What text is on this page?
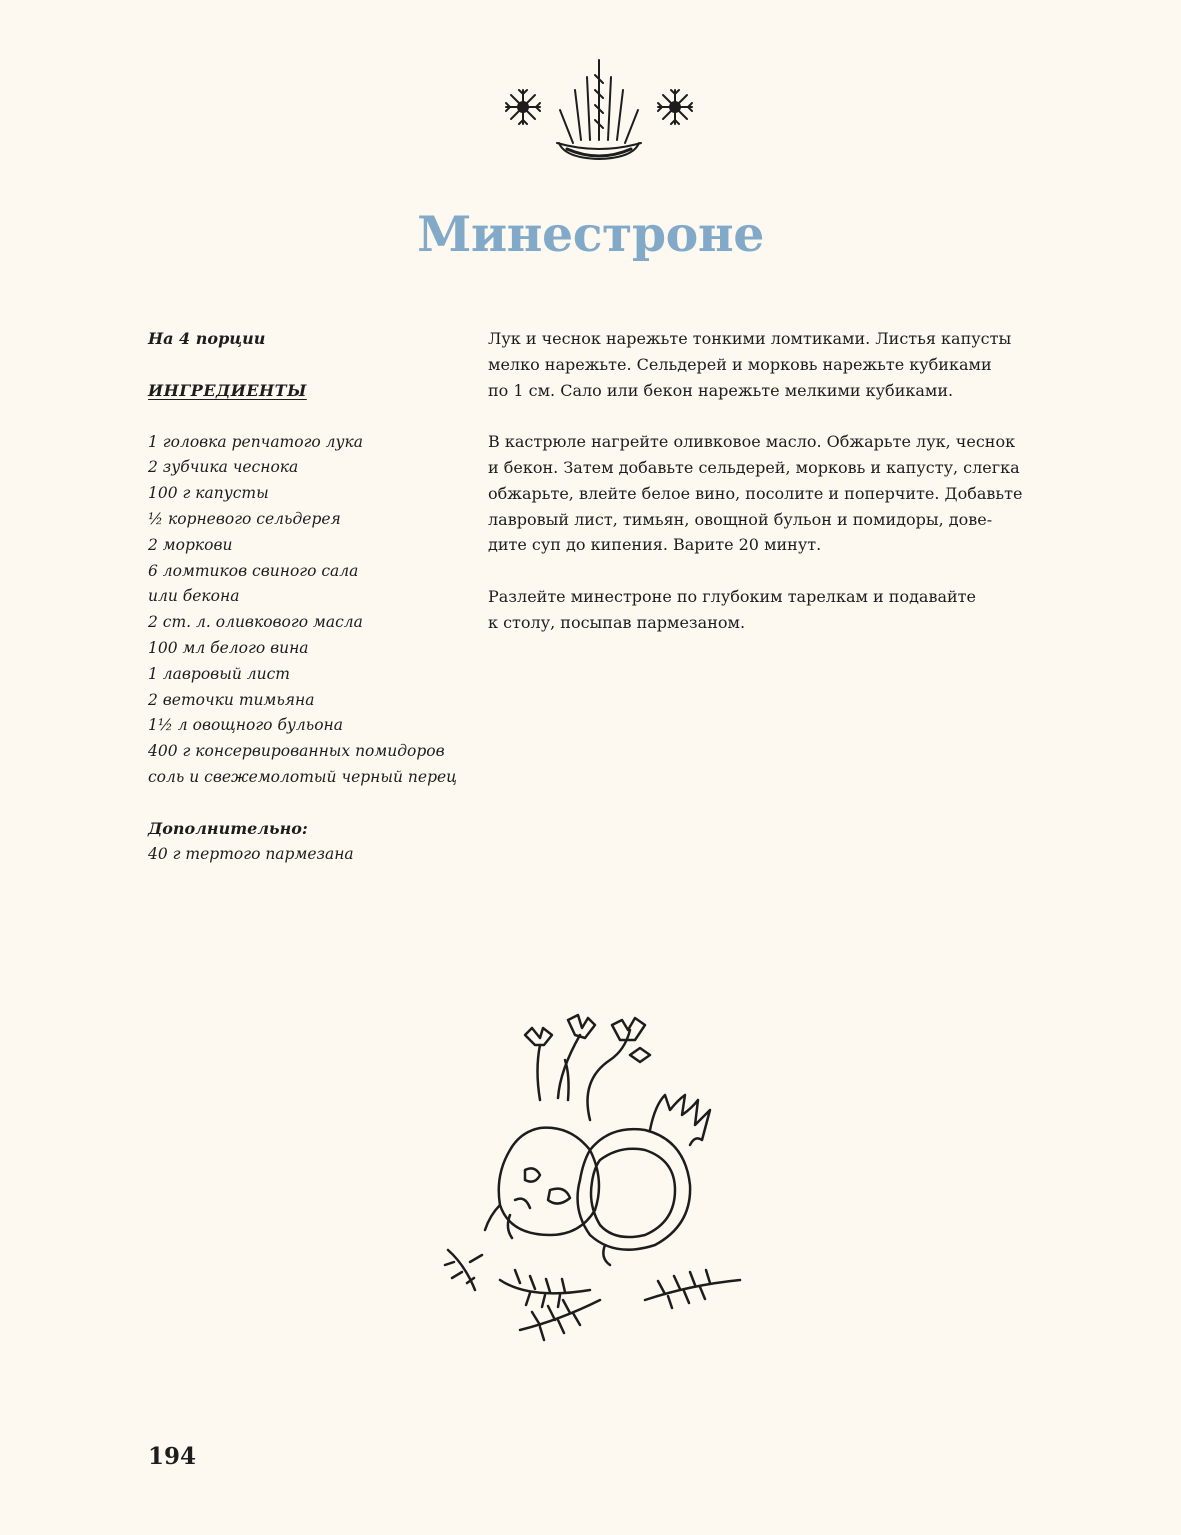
Минестроне
На 4 порции
ИНГРЕДИЕНТЫ
1 головка репчатого лука
2 зубчика чеснока
100 г капусты
½ корневого сельдерея
2 моркови
6 ломтиков свиного сала
или бекона
2 ст. л. оливкового масла
100 мл белого вина
1 лавровый лист
2 веточки тимьяна
1½ л овощного бульона
400 г консервированных помидоров
соль и свежемолотый черный перец
Дополнительно:
40 г тертого пармезана

Лук и чеснок нарежьте тонкими ломтиками. Листья капусты
мелко нарежьте. Сельдерей и морковь нарежьте кубиками
по 1 см. Сало или бекон нарежьте мелкими кубиками.

В кастрюле нагрейте оливковое масло. Обжарьте лук, чеснок
и бекон. Затем добавьте сельдерей, морковь и капусту, слегка
обжарьте, влейте белое вино, посолите и поперчите. Добавьте
лавровый лист, тимьян, овощной бульон и помидоры, дове-
дите суп до кипения. Варите 20 минут.

Разлейте минестроне по глубоким тарелкам и подавайте
к столу, посыпав пармезаном.

194
